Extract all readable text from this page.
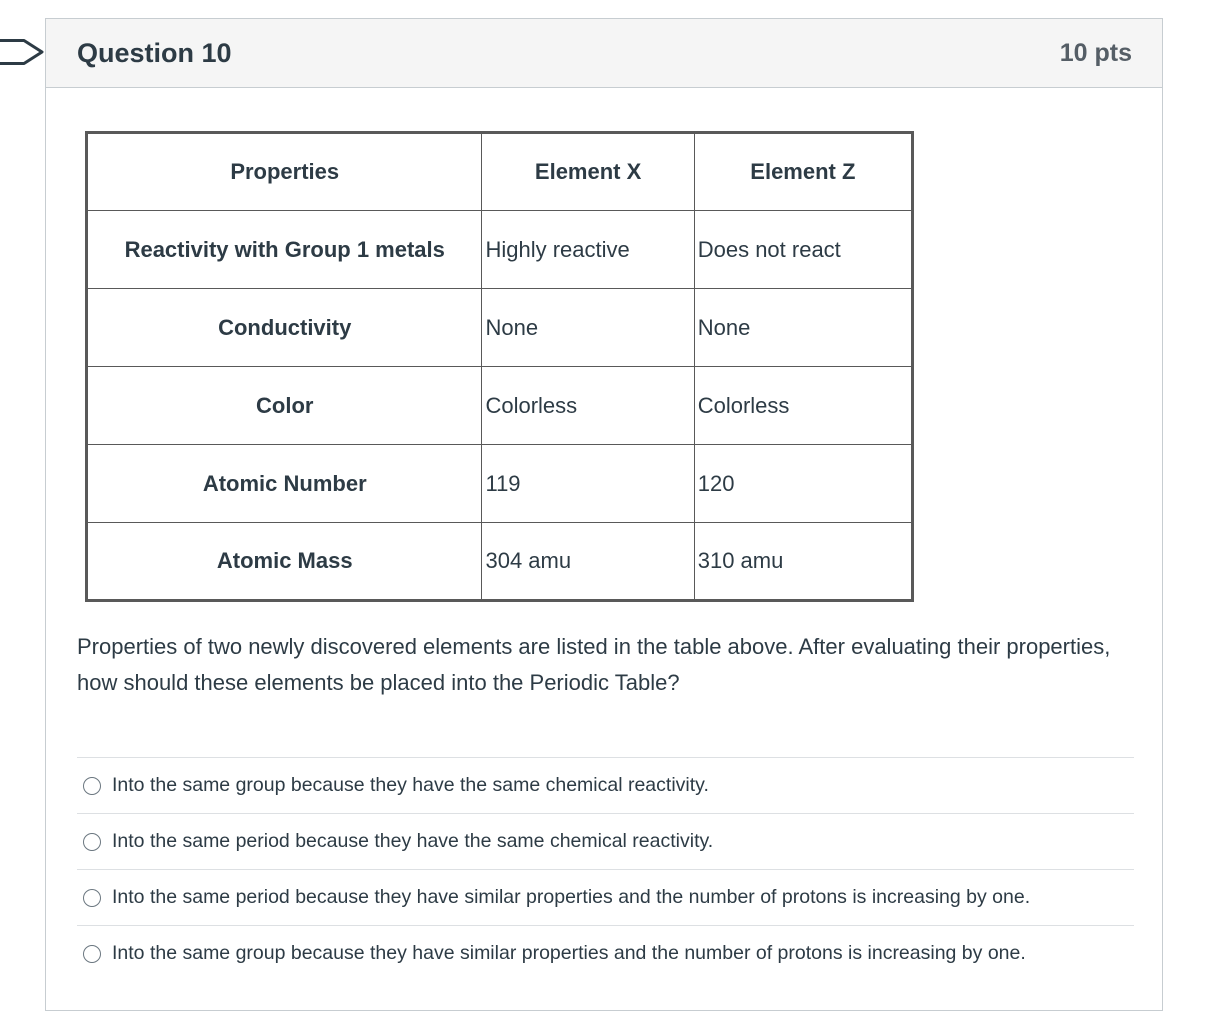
Question 10	10 pts
Properties	Element X	Element Z
Reactivity with Group 1 metals	Highly reactive	Does not react
Conductivity	None	None
Color	Colorless	Colorless
Atomic Number	119	120
Atomic Mass	304 amu	310 amu

Properties of two newly discovered elements are listed in the table above. After evaluating their properties, how should these elements be placed into the Periodic Table?

Into the same group because they have the same chemical reactivity.
Into the same period because they have the same chemical reactivity.
Into the same period because they have similar properties and the number of protons is increasing by one.
Into the same group because they have similar properties and the number of protons is increasing by one.
